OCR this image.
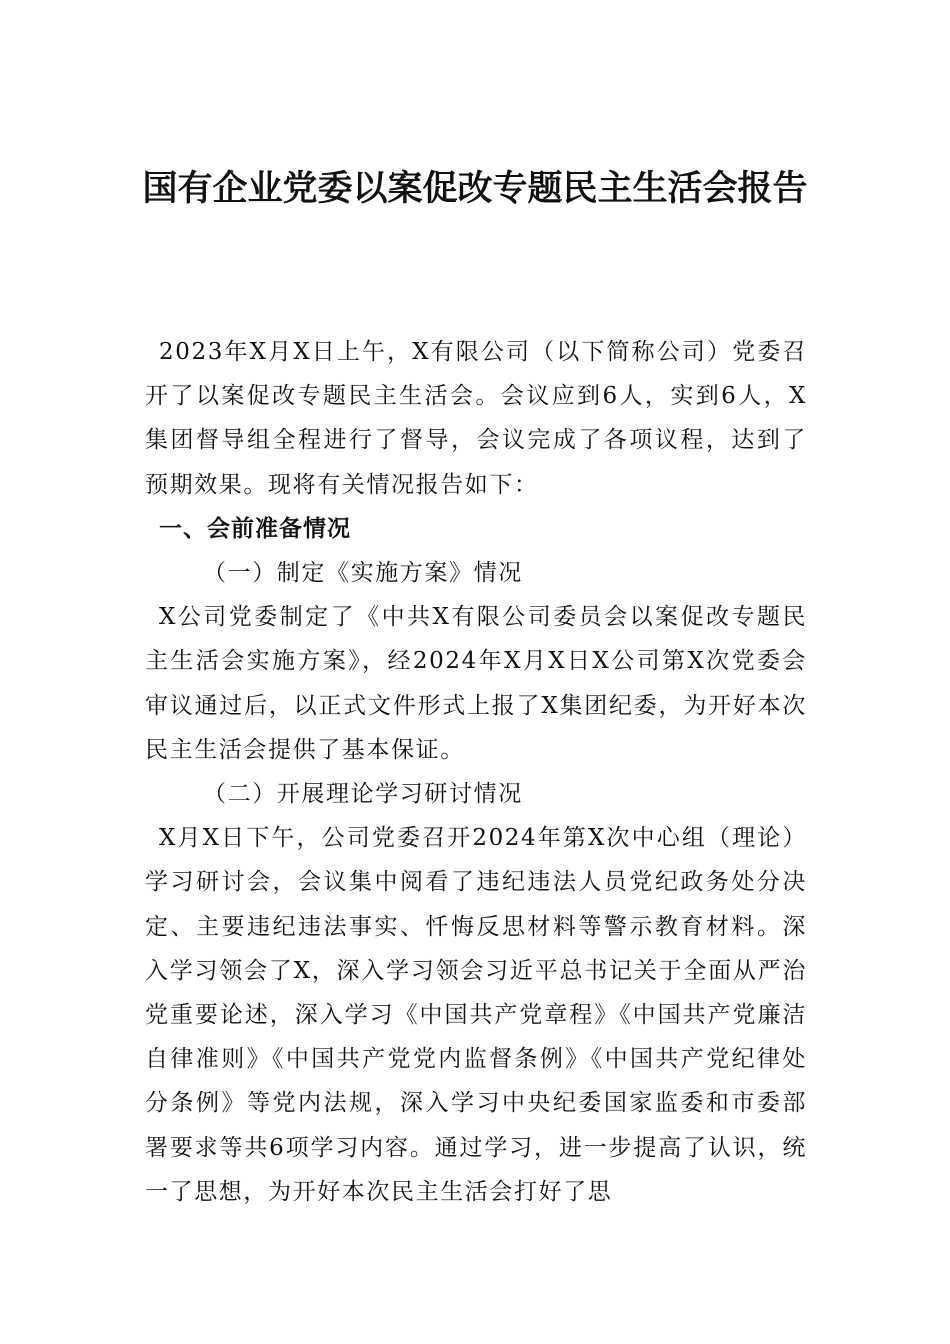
国有企业党委以案促改专题民主生活会报告

2023年X月X日上午，X有限公司（以下简称公司）党委召开了以案促改专题民主生活会。会议应到6人，实到6人，X集团督导组全程进行了督导，会议完成了各项议程，达到了预期效果。现将有关情况报告如下：

一、会前准备情况

（一）制定《实施方案》情况

X公司党委制定了《中共X有限公司委员会以案促改专题民主生活会实施方案》，经2024年X月X日X公司第X次党委会审议通过后，以正式文件形式上报了X集团纪委，为开好本次民主生活会提供了基本保证。

（二）开展理论学习研讨情况

X月X日下午，公司党委召开2024年第X次中心组（理论）学习研讨会，会议集中阅看了违纪违法人员党纪政务处分决定、主要违纪违法事实、忏悔反思材料等警示教育材料。深入学习领会了X，深入学习领会习近平总书记关于全面从严治党重要论述，深入学习《中国共产党章程》《中国共产党廉洁自律准则》《中国共产党党内监督条例》《中国共产党纪律处分条例》等党内法规，深入学习中央纪委国家监委和市委部署要求等共6项学习内容。通过学习，进一步提高了认识，统一了思想，为开好本次民主生活会打好了思
